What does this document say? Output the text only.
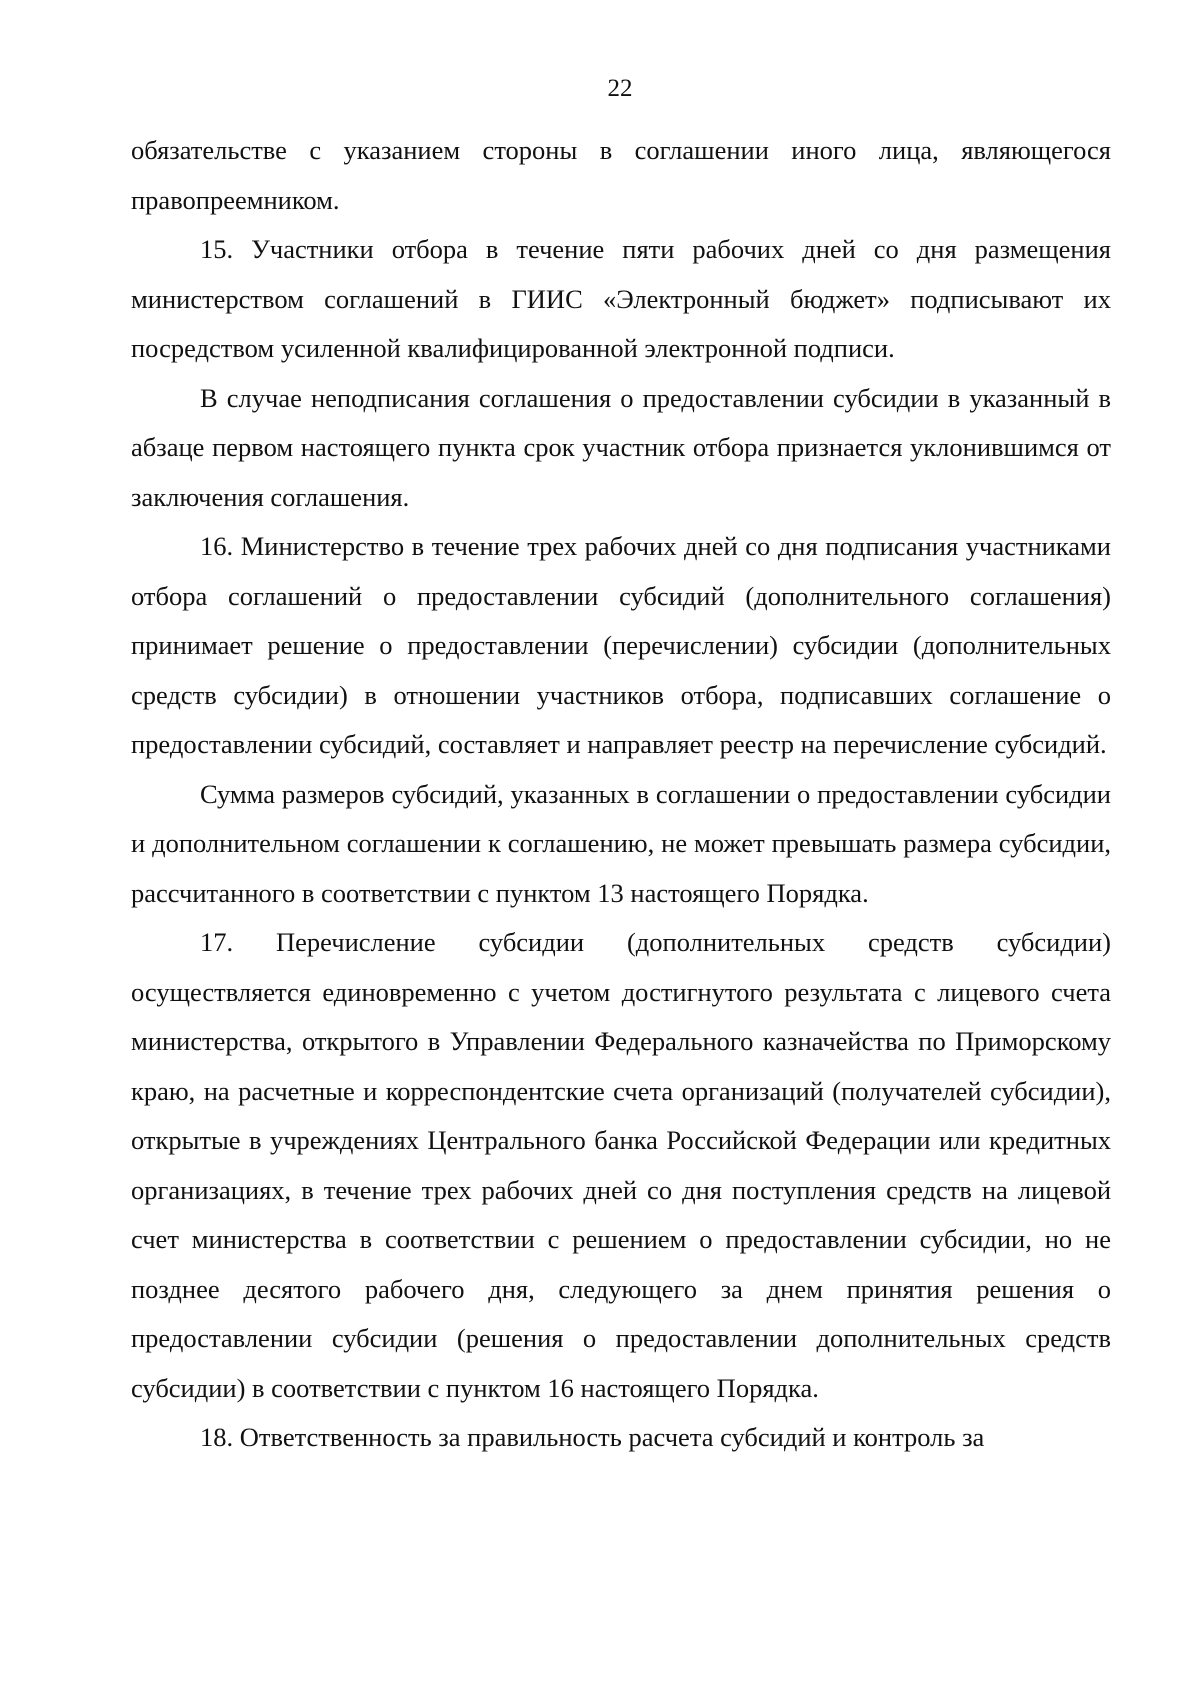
22

обязательстве с указанием стороны в соглашении иного лица, являющегося правопреемником.

15. Участники отбора в течение пяти рабочих дней со дня размещения министерством соглашений в ГИИС «Электронный бюджет» подписывают их посредством усиленной квалифицированной электронной подписи.

В случае неподписания соглашения о предоставлении субсидии в указанный в абзаце первом настоящего пункта срок участник отбора признается уклонившимся от заключения соглашения.

16. Министерство в течение трех рабочих дней со дня подписания участниками отбора соглашений о предоставлении субсидий (дополнительного соглашения) принимает решение о предоставлении (перечислении) субсидии (дополнительных средств субсидии) в отношении участников отбора, подписавших соглашение о предоставлении субсидий, составляет и направляет реестр на перечисление субсидий.

Сумма размеров субсидий, указанных в соглашении о предоставлении субсидии и дополнительном соглашении к соглашению, не может превышать размера субсидии, рассчитанного в соответствии с пунктом 13 настоящего Порядка.

17. Перечисление субсидии (дополнительных средств субсидии) осуществляется единовременно с учетом достигнутого результата с лицевого счета министерства, открытого в Управлении Федерального казначейства по Приморскому краю, на расчетные и корреспондентские счета организаций (получателей субсидии), открытые в учреждениях Центрального банка Российской Федерации или кредитных организациях, в течение трех рабочих дней со дня поступления средств на лицевой счет министерства в соответствии с решением о предоставлении субсидии, но не позднее десятого рабочего дня, следующего за днем принятия решения о предоставлении субсидии (решения о предоставлении дополнительных средств субсидии) в соответствии с пунктом 16 настоящего Порядка.

18. Ответственность за правильность расчета субсидий и контроль за
